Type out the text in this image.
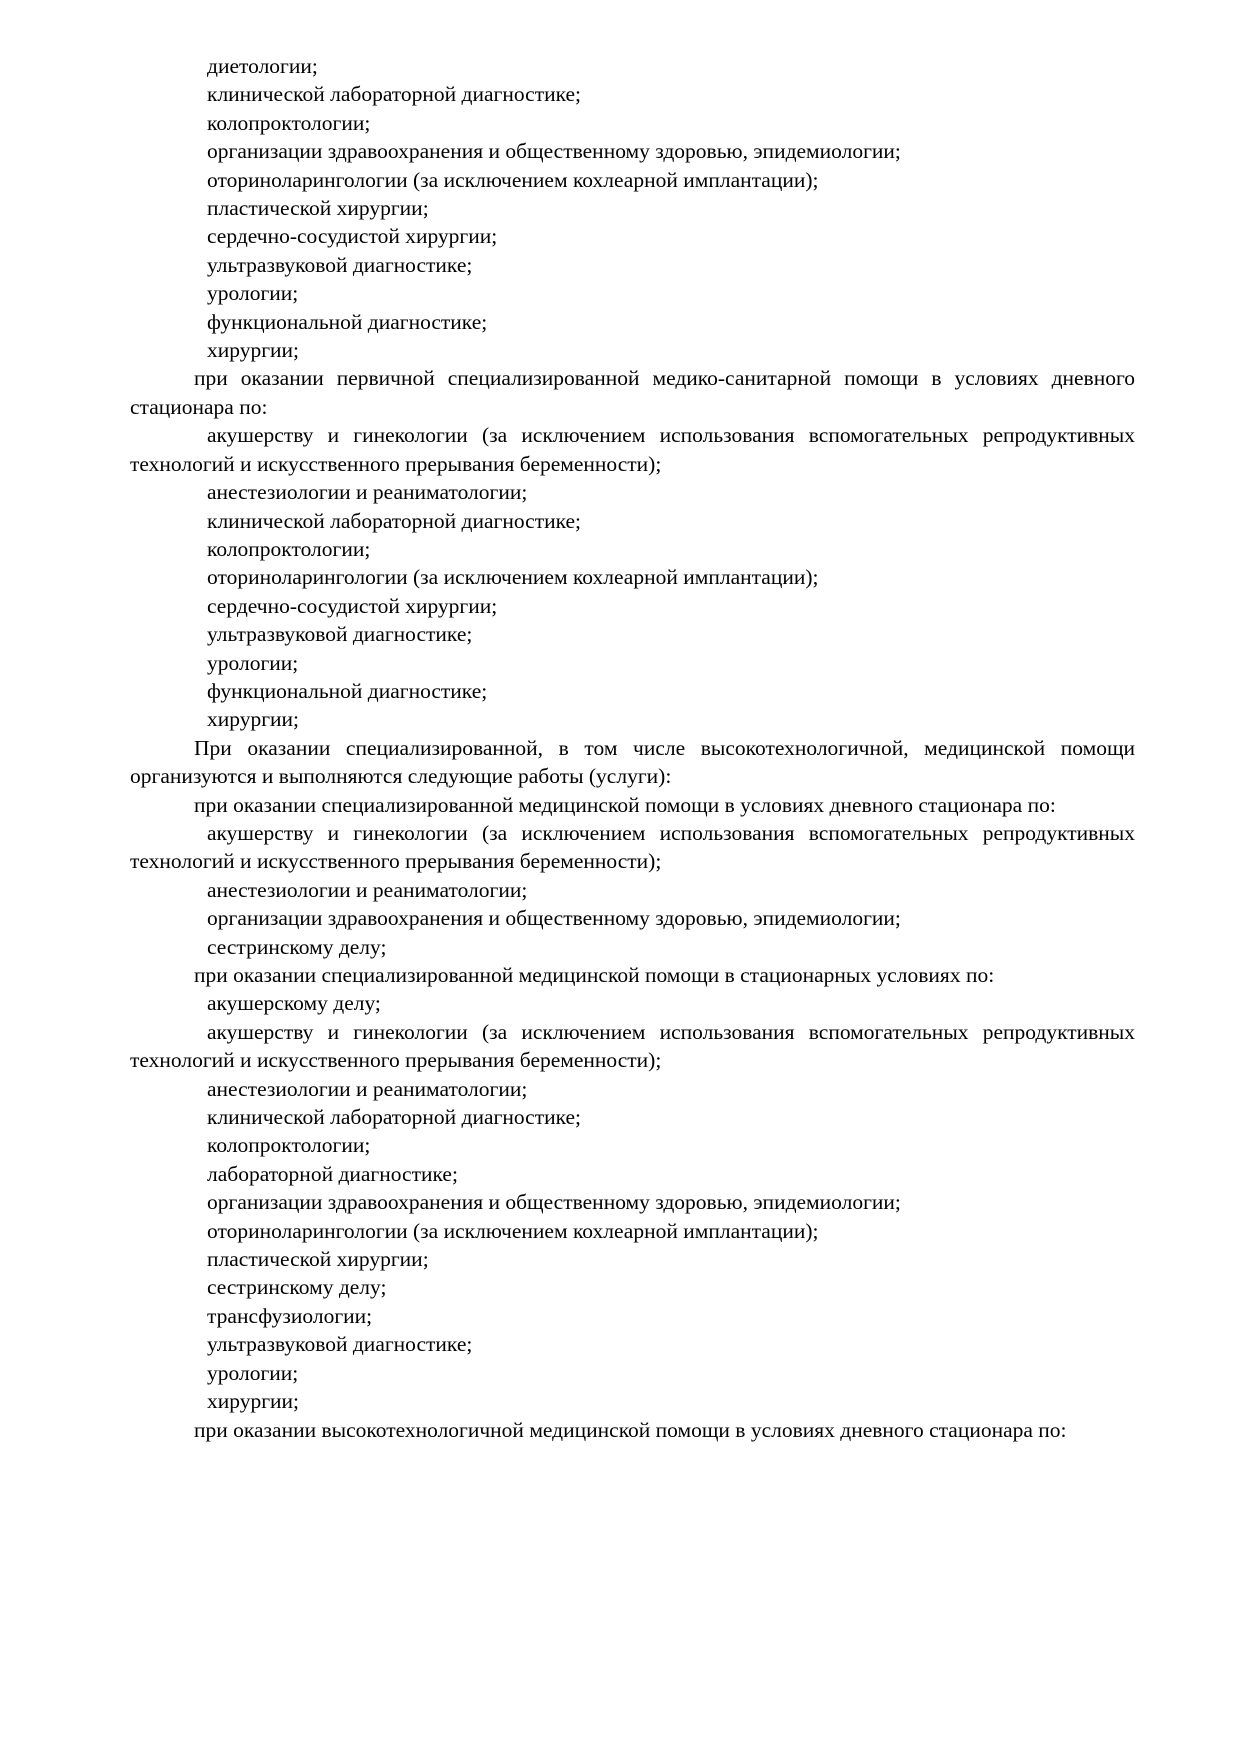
диетологии;

клинической лабораторной диагностике;

колопроктологии;

организации здравоохранения и общественному здоровью, эпидемиологии;

оториноларингологии (за исключением кохлеарной имплантации);

пластической хирургии;

сердечно-сосудистой хирургии;

ультразвуковой диагностике;

урологии;

функциональной диагностике;

хирургии;

при оказании первичной специализированной медико-санитарной помощи в условиях дневного стационара по:

акушерству и гинекологии (за исключением использования вспомогательных репродуктивных технологий и искусственного прерывания беременности);

анестезиологии и реаниматологии;

клинической лабораторной диагностике;

колопроктологии;

оториноларингологии (за исключением кохлеарной имплантации);

сердечно-сосудистой хирургии;

ультразвуковой диагностике;

урологии;

функциональной диагностике;

хирургии;

При оказании специализированной, в том числе высокотехнологичной, медицинской помощи организуются и выполняются следующие работы (услуги):

при оказании специализированной медицинской помощи в условиях дневного стационара по:

акушерству и гинекологии (за исключением использования вспомогательных репродуктивных технологий и искусственного прерывания беременности);

анестезиологии и реаниматологии;

организации здравоохранения и общественному здоровью, эпидемиологии;

сестринскому делу;

при оказании специализированной медицинской помощи в стационарных условиях по:

акушерскому делу;

акушерству и гинекологии (за исключением использования вспомогательных репродуктивных технологий и искусственного прерывания беременности);

анестезиологии и реаниматологии;

клинической лабораторной диагностике;

колопроктологии;

лабораторной диагностике;

организации здравоохранения и общественному здоровью, эпидемиологии;

оториноларингологии (за исключением кохлеарной имплантации);

пластической хирургии;

сестринскому делу;

трансфузиологии;

ультразвуковой диагностике;

урологии;

хирургии;

при оказании высокотехнологичной медицинской помощи в условиях дневного стационара по:
